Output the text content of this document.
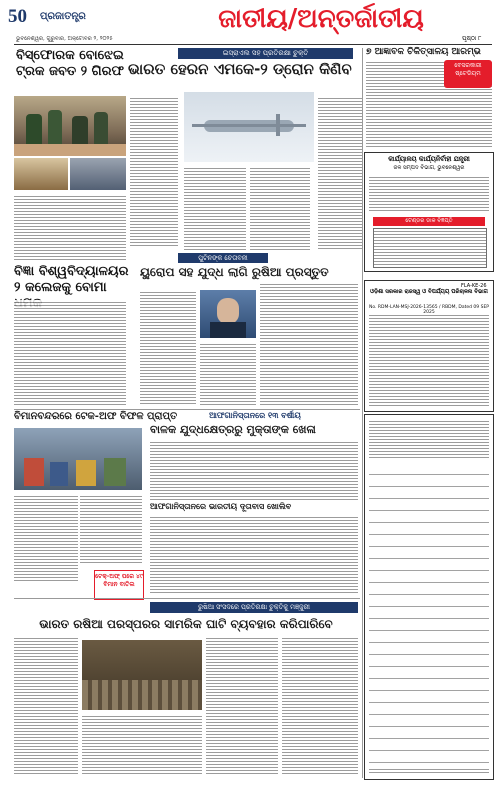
50	ପ୍ରଜାତନ୍ତ୍ର	ଜାତୀୟ/ଅନ୍ତର୍ଜାତୀୟ
ପୃଷ୍ଠା ୮
ଭୁବନେଶ୍ୱର, ଗୁରୁବାର, ଅକ୍ଟୋବର ୨, ୨୦୨୫
ବିସ୍ଫୋରକ ବୋଝେଇ ଟ୍ରକ ଜବତ ୨ ଗିରଫ
ଇସ୍ରାଏଲ ସହ ପ୍ରତିରକ୍ଷା ଚୁକ୍ତି
ଭାରତ ହେରନ ଏମକେ-୨ ଡ୍ରୋନ କିଣିବ
ବିଜ୍ଞା ବିଶ୍ୱବିଦ୍ୟାଳୟର ୨ କଲେଜକୁ ବୋମା
ପୁଟିନଙ୍କ ଚେତାବନୀ
ୟୁରୋପ ସହ ଯୁଦ୍ଧ ଲାଗି ରୁଷିଆ ପ୍ରସ୍ତୁତ
୭ ଆଜ୍ଞାବକ ଚିକିତ୍ସାଳୟ ଆରମ୍ଭ
ବେସରକାରୀ ଷ୍ଟେଡିୟମ
କାର୍ଯ୍ୟାଳୟ କାର୍ଯ୍ୟନିର୍ବାହୀ ଯନ୍ତ୍ରୀ
ଜଳ ସମ୍ପଦ ବିଭାଗ, ଭୁବନେଶ୍ୱର
ଟେଣ୍ଡର ଡାକ ବିଜ୍ଞପ୍ତି
FLA-KE-26
ଓଡ଼ିଶା ସରକାର ରାଜସ୍ୱ ଓ ବିପର୍ଯ୍ୟୟ ପରିଚାଳନା ବିଭାଗ
No. RDM-LAN-MSJ-2026-13565 / RBDM, Dated 09 SEP
ବିମାନବନ୍ଦରରେ ଟେକ-ଅଫ ବିଫଳ ପ୍ରାପ୍ତ
ଟେକ୍-ଅଫ୍ ପରେ ୪୯ ବିମାନ ବାତିଲ
ଆଫଗାନିସ୍ତାନରେ ୧୩ ବର୍ଷୀୟ
ବାଳକ ଯୁଦ୍ଧକ୍ଷେତ୍ରରୁ ମୁକ୍ତାଙ୍କ ଖେଳା
ଆଫଗାନିସ୍ତାନରେ ଭାରତୀୟ ଦୂତାବାସ ଖୋଲିବ
ରୁଷିଆ ସଂସଦରେ ପ୍ରତିରକ୍ଷା ଚୁକ୍ତିକୁ ମଞ୍ଜୁରୀ
ଭାରତ ରଷିଆ ପରସ୍ପରର ସାମରିକ ଘାଟି ବ୍ୟବହାର କରିପାରିବେ
